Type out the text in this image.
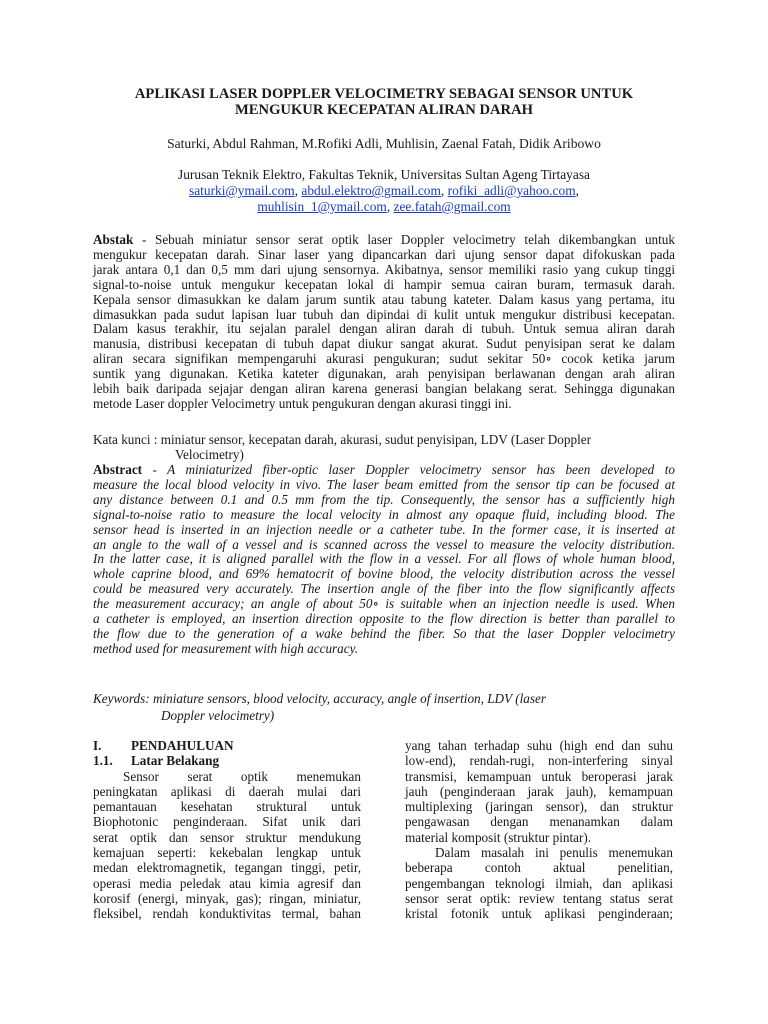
APLIKASI LASER DOPPLER VELOCIMETRY SEBAGAI SENSOR UNTUK
MENGUKUR KECEPATAN ALIRAN DARAH
Saturki, Abdul Rahman, M.Rofiki Adli, Muhlisin, Zaenal Fatah, Didik Aribowo
Jurusan Teknik Elektro, Fakultas Teknik, Universitas Sultan Ageng Tirtayasa
saturki@ymail.com, abdul.elektro@gmail.com, rofiki_adli@yahoo.com,
muhlisin_1@ymail.com, zee.fatah@gmail.com
Abstak - Sebuah miniatur sensor serat optik laser Doppler velocimetry telah dikembangkan untuk
mengukur kecepatan darah. Sinar laser yang dipancarkan dari ujung sensor dapat difokuskan pada
jarak antara 0,1 dan 0,5 mm dari ujung sensornya. Akibatnya, sensor memiliki rasio yang cukup tinggi
signal-to-noise untuk mengukur kecepatan lokal di hampir semua cairan buram, termasuk darah.
Kepala sensor dimasukkan ke dalam jarum suntik atau tabung kateter. Dalam kasus yang pertama, itu
dimasukkan pada sudut lapisan luar tubuh dan dipindai di kulit untuk mengukur distribusi kecepatan.
Dalam kasus terakhir, itu sejalan paralel dengan aliran darah di tubuh. Untuk semua aliran darah
manusia, distribusi kecepatan di tubuh dapat diukur sangat akurat. Sudut penyisipan serat ke dalam
aliran secara signifikan mempengaruhi akurasi pengukuran; sudut sekitar 50∘ cocok ketika jarum
suntik yang digunakan. Ketika kateter digunakan, arah penyisipan berlawanan dengan arah aliran
lebih baik daripada sejajar dengan aliran karena generasi bangian belakang serat. Sehingga digunakan
metode Laser doppler Velocimetry untuk pengukuran dengan akurasi tinggi ini.
Kata kunci : miniatur sensor, kecepatan darah, akurasi, sudut penyisipan, LDV (Laser Doppler
Velocimetry)
Abstract - A miniaturized fiber-optic laser Doppler velocimetry sensor has been developed to
measure the local blood velocity in vivo. The laser beam emitted from the sensor tip can be focused at
any distance between 0.1 and 0.5 mm from the tip. Consequently, the sensor has a sufficiently high
signal-to-noise ratio to measure the local velocity in almost any opaque fluid, including blood. The
sensor head is inserted in an injection needle or a catheter tube. In the former case, it is inserted at
an angle to the wall of a vessel and is scanned across the vessel to measure the velocity distribution.
In the latter case, it is aligned parallel with the flow in a vessel. For all flows of whole human blood,
whole caprine blood, and 69% hematocrit of bovine blood, the velocity distribution across the vessel
could be measured very accurately. The insertion angle of the fiber into the flow significantly affects
the measurement accuracy; an angle of about 50∘ is suitable when an injection needle is used. When
a catheter is employed, an insertion direction opposite to the flow direction is better than parallel to
the flow due to the generation of a wake behind the fiber. So that the laser Doppler velocimetry
method used for measurement with high accuracy.
Keywords: miniature sensors, blood velocity, accuracy, angle of insertion, LDV (laser
Doppler velocimetry)
I. PENDAHULUAN
1.1. Latar Belakang
Sensor serat optik menemukan
peningkatan aplikasi di daerah mulai dari
pemantauan kesehatan struktural untuk
Biophotonic penginderaan. Sifat unik dari
serat optik dan sensor struktur mendukung
kemajuan seperti: kekebalan lengkap untuk
medan elektromagnetik, tegangan tinggi, petir,
operasi media peledak atau kimia agresif dan
korosif (energi, minyak, gas); ringan, miniatur,
fleksibel, rendah konduktivitas termal, bahan
yang tahan terhadap suhu (high end dan suhu
low-end), rendah-rugi, non-interfering sinyal
transmisi, kemampuan untuk beroperasi jarak
jauh (penginderaan jarak jauh), kemampuan
multiplexing (jaringan sensor), dan struktur
pengawasan dengan menanamkan dalam
material komposit (struktur pintar).
Dalam masalah ini penulis menemukan
beberapa contoh aktual penelitian,
pengembangan teknologi ilmiah, dan aplikasi
sensor serat optik: review tentang status serat
kristal fotonik untuk aplikasi penginderaan;
